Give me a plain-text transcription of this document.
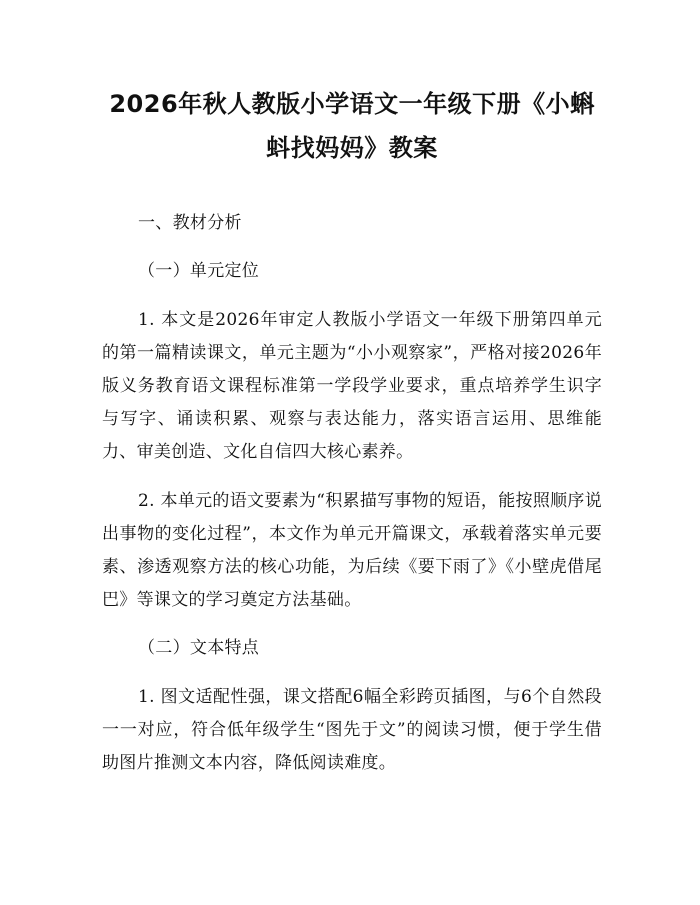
2026年秋人教版小学语文一年级下册《小蝌蚪找妈妈》教案
一、教材分析
（一）单元定位
1. 本文是2026年审定人教版小学语文一年级下册第四单元的第一篇精读课文，单元主题为“小小观察家”，严格对接2026年版义务教育语文课程标准第一学段学业要求，重点培养学生识字与写字、诵读积累、观察与表达能力，落实语言运用、思维能力、审美创造、文化自信四大核心素养。
2. 本单元的语文要素为“积累描写事物的短语，能按照顺序说出事物的变化过程”，本文作为单元开篇课文，承载着落实单元要素、渗透观察方法的核心功能，为后续《要下雨了》《小壁虎借尾巴》等课文的学习奠定方法基础。
（二）文本特点
1. 图文适配性强，课文搭配6幅全彩跨页插图，与6个自然段一一对应，符合低年级学生“图先于文”的阅读习惯，便于学生借助图片推测文本内容，降低阅读难度。
